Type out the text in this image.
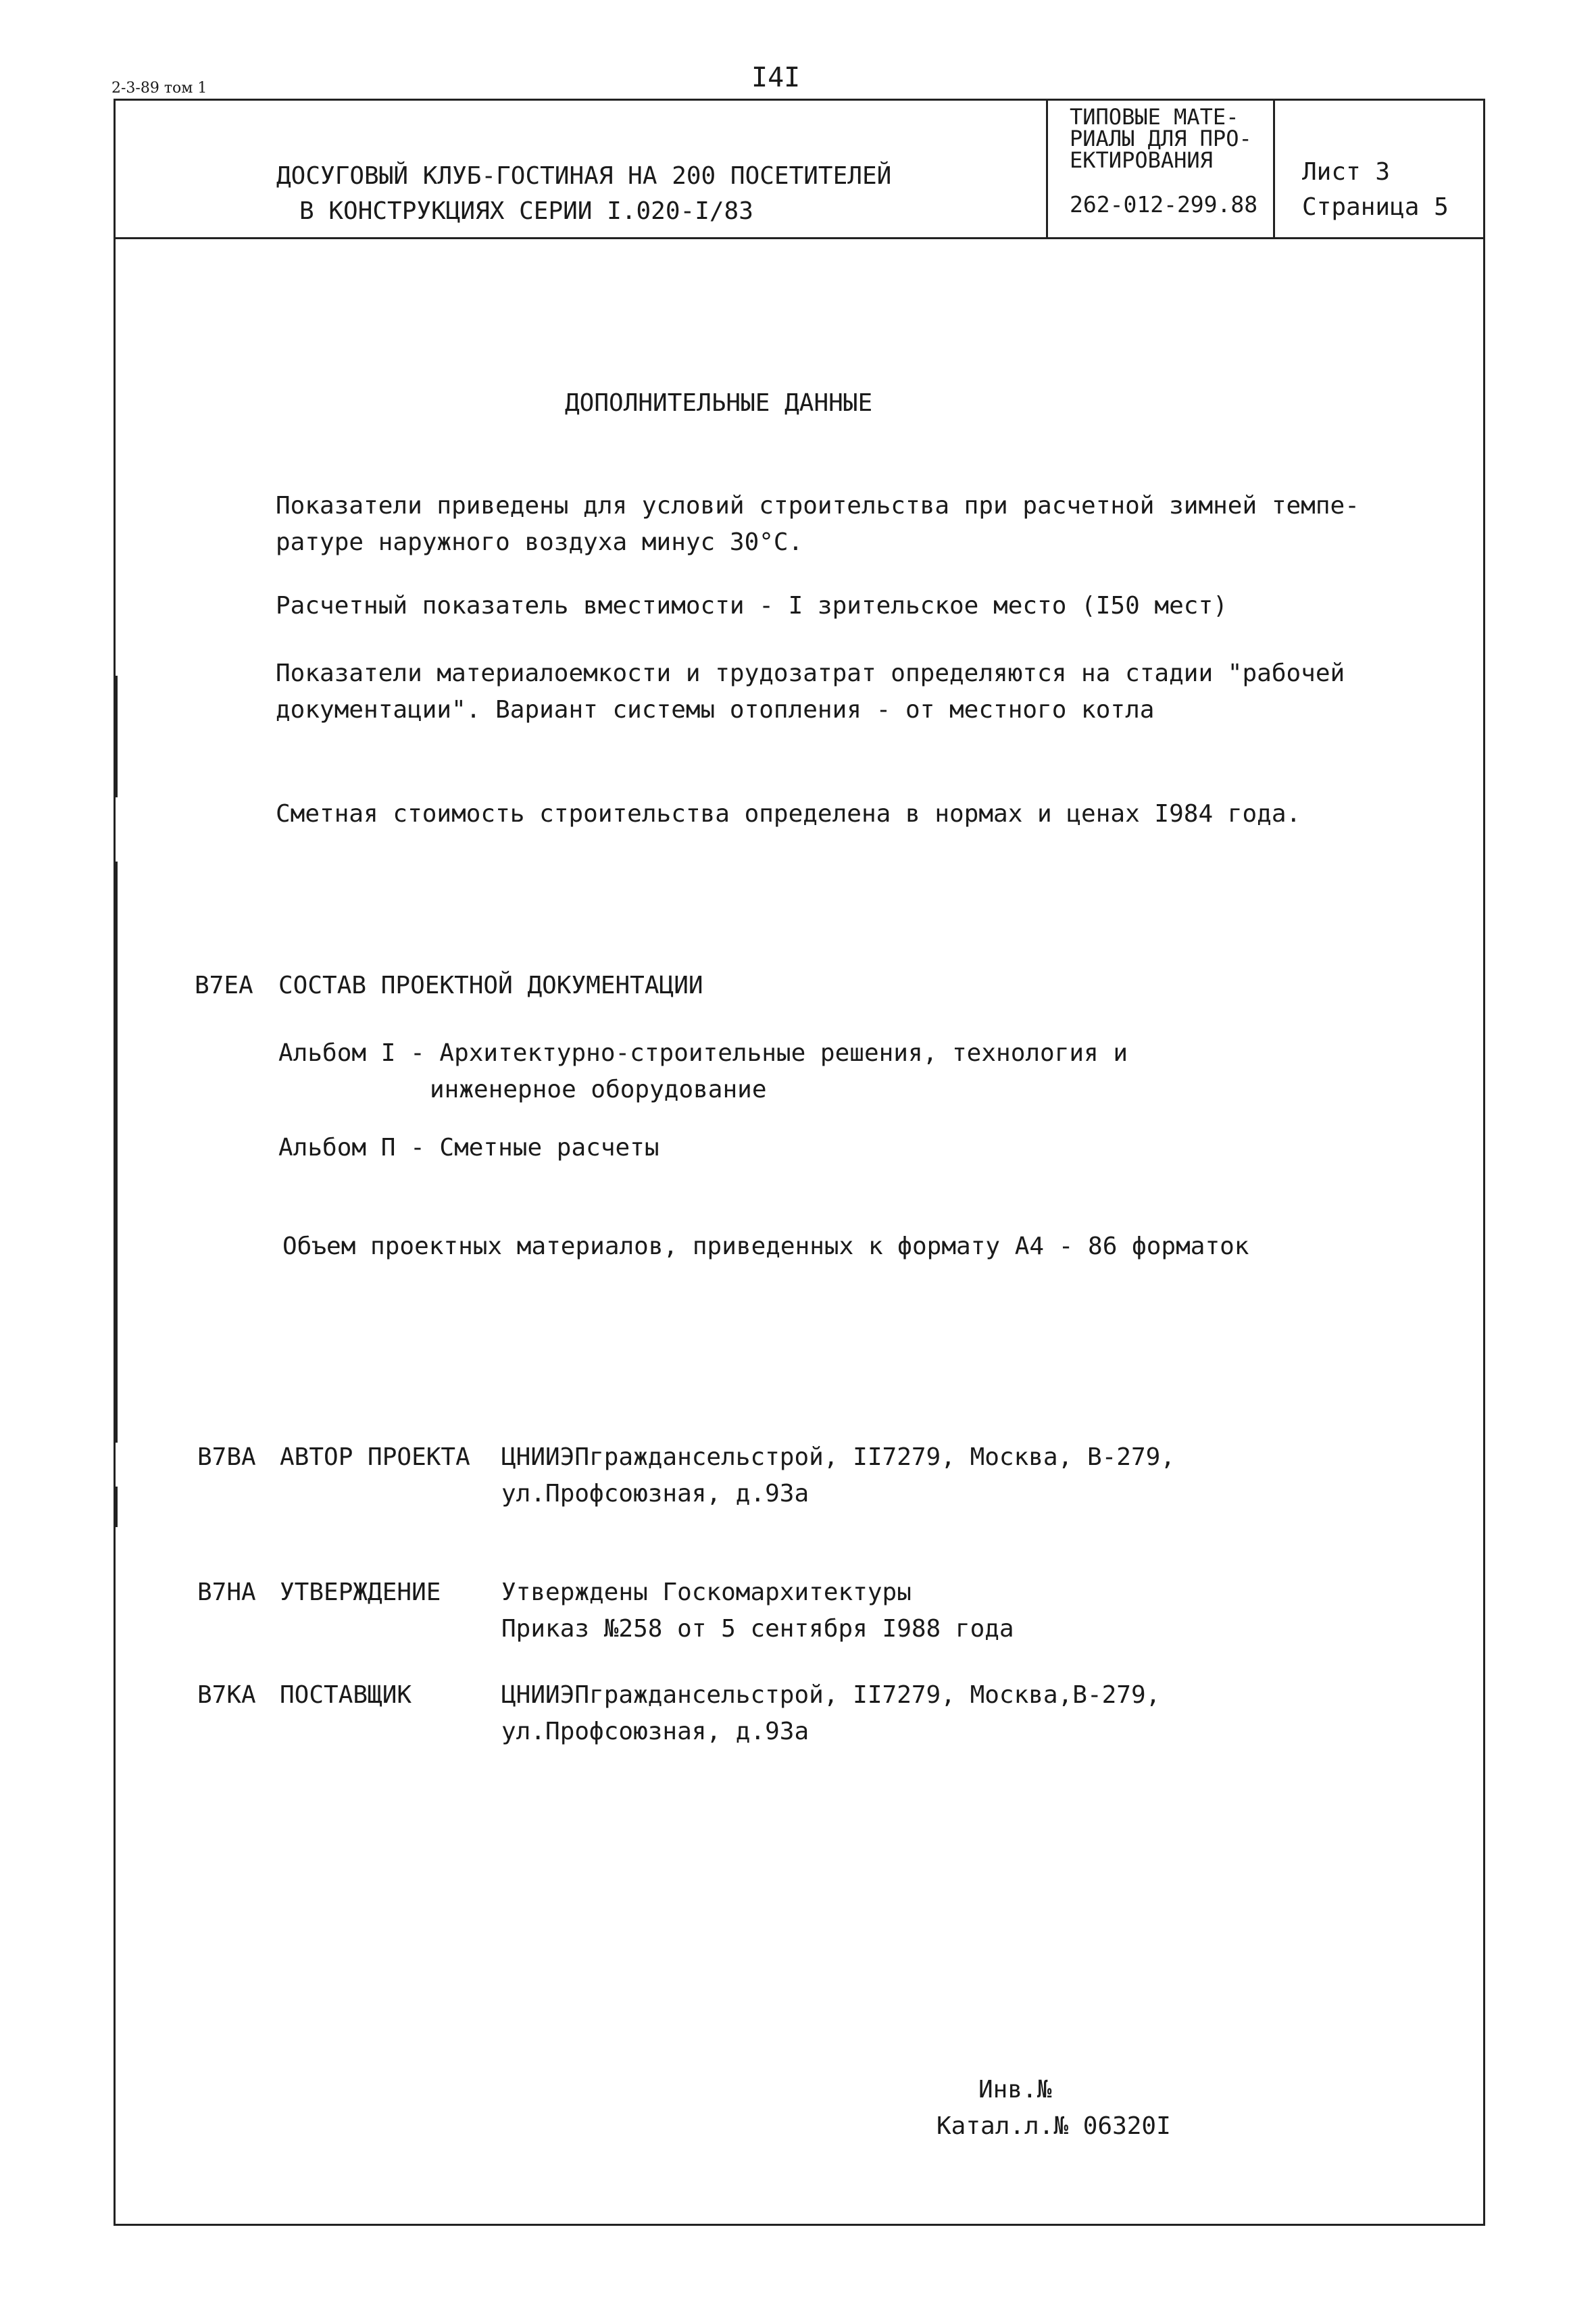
2-3-89 том 1	I4I
ДОСУГОВЫЙ КЛУБ-ГОСТИНАЯ НА 200 ПОСЕТИТЕЛЕЙ
В КОНСТРУКЦИЯХ СЕРИИ I.020-I/83
ТИПОВЫЕ МАТЕ-
РИАЛЫ ДЛЯ ПРО-
ЕКТИРОВАНИЯ
262-012-299.88
Лист 3
Страница 5
ДОПОЛНИТЕЛЬНЫЕ ДАННЫЕ
Показатели приведены для условий строительства при расчетной зимней темпе-
ратуре наружного воздуха минус 30°С.
Расчетный показатель вместимости - I зрительское место (I50 мест)
Показатели материалоемкости и трудозатрат определяются на стадии "рабочей
документации". Вариант системы отопления - от местного котла
Сметная стоимость строительства определена в нормах и ценах I984 года.
В7ЕА СОСТАВ ПРОЕКТНОЙ ДОКУМЕНТАЦИИ
Альбом I - Архитектурно-строительные решения, технология и
инженерное оборудование
Альбом П - Сметные расчеты
Объем проектных материалов, приведенных к формату А4 - 86 форматок
В7ВА АВТОР ПРОЕКТА ЦНИИЭПграждансельстрой, II7279, Москва, В-279,
ул.Профсоюзная, д.93а
В7НА УТВЕРЖДЕНИЕ Утверждены Госкомархитектуры
Приказ №258 от 5 сентября I988 года
В7КА ПОСТАВЩИК	ЦНИИЭПграждансельстрой, II7279, Москва,В-279,
ул.Профсоюзная, д.93а
Инв.№
Катал.л.№ 06320I
